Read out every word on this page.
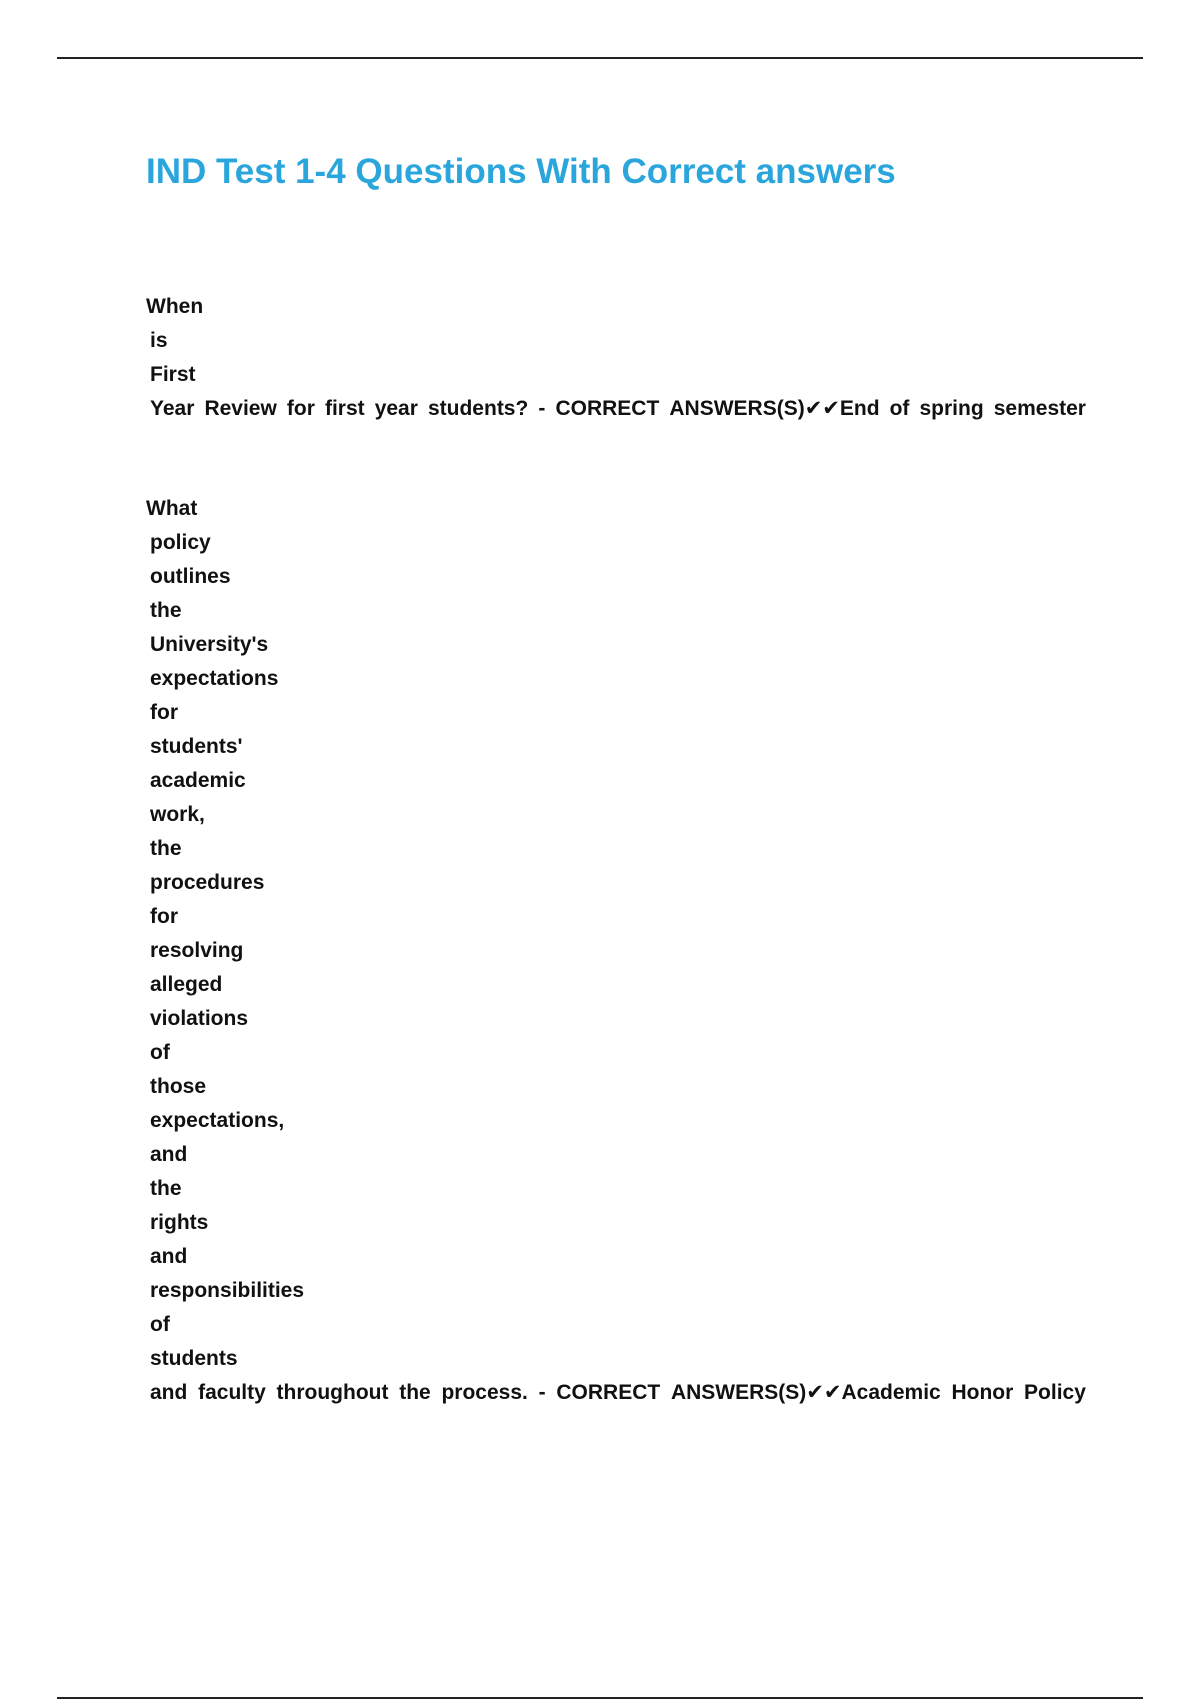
IND Test 1-4 Questions With Correct answers
When
is
First
Year Review for first year students? - CORRECT ANSWERS(S)✔✔End of spring semester
What
policy
outlines
the
University's
expectations
for
students'
academic
work,
the
procedures
for
resolving
alleged
violations
of
those
expectations,
and
the
rights
and
responsibilities
of
students
and faculty throughout the process. - CORRECT ANSWERS(S)✔✔Academic Honor Policy
